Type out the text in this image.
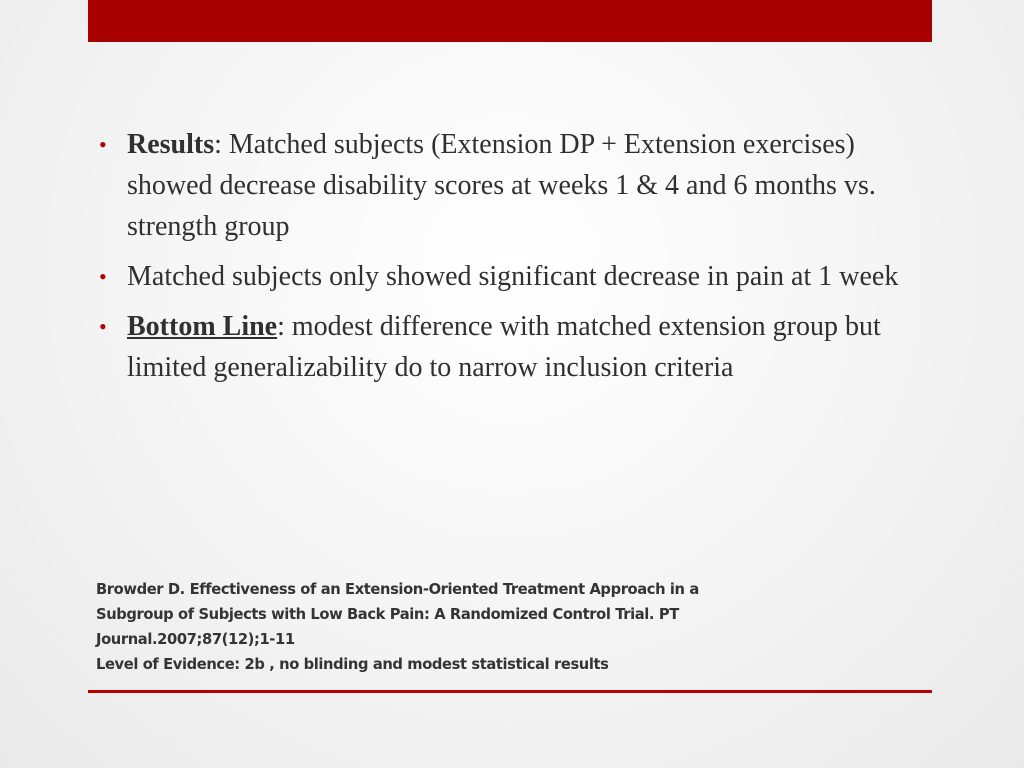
• Results: Matched subjects (Extension DP + Extension exercises) showed decrease disability scores at weeks 1 & 4 and 6 months vs. strength group
• Matched subjects only showed significant decrease in pain at 1 week
• Bottom Line: modest difference with matched extension group but limited generalizability do to narrow inclusion criteria
Browder D. Effectiveness of an Extension-Oriented Treatment Approach in a
Subgroup of Subjects with Low Back Pain: A Randomized Control Trial. PT
Journal.2007;87(12);1-11
Level of Evidence: 2b , no blinding and modest statistical results
